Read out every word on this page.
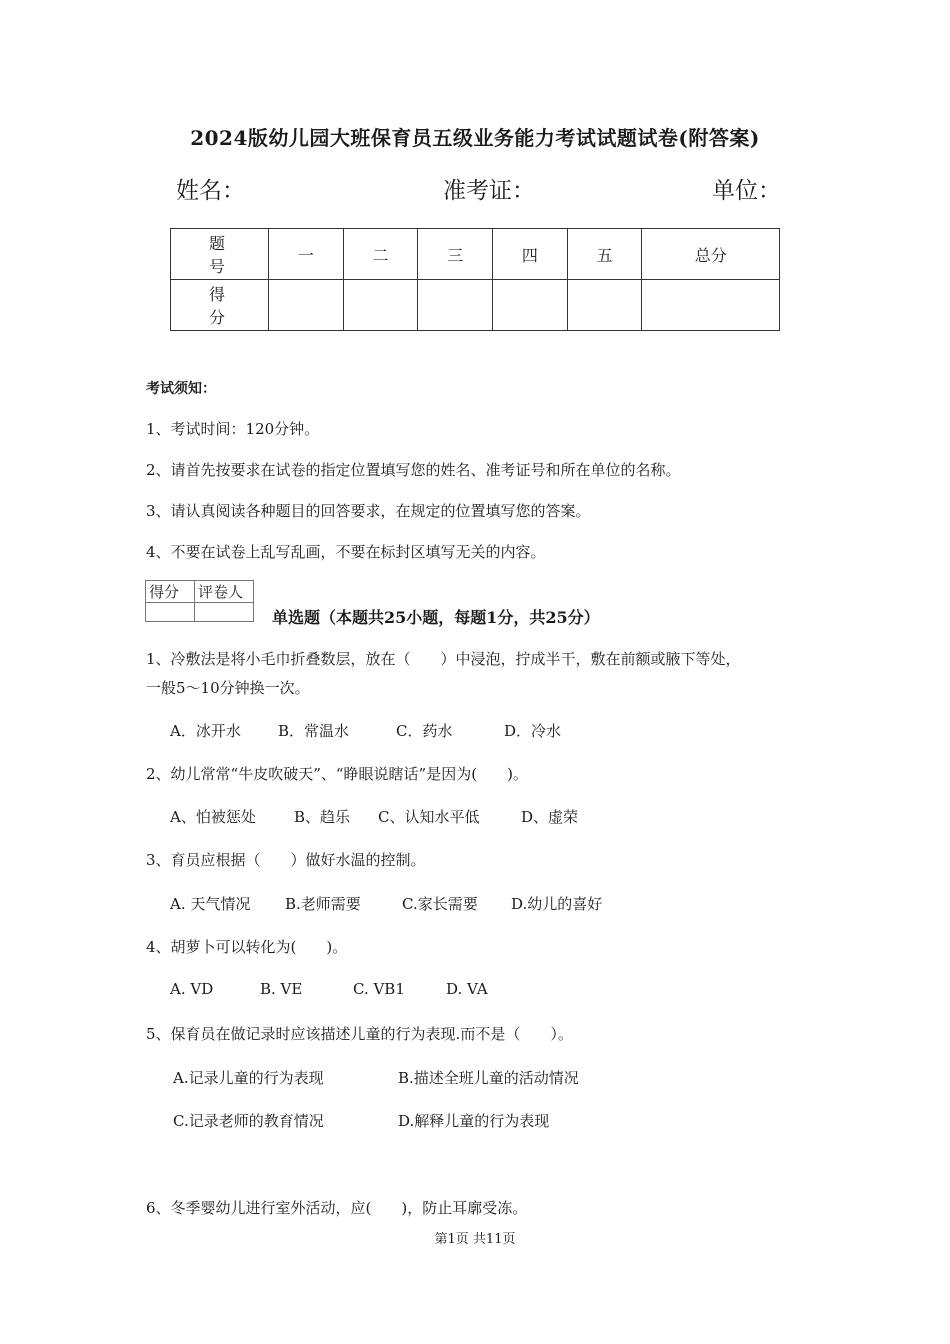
2024版幼儿园大班保育员五级业务能力考试试题试卷(附答案)
姓名：	准考证：	单位：
题　号	一	二	三	四	五	总分
得　分						
考试须知：
1、考试时间：120分钟。
2、请首先按要求在试卷的指定位置填写您的姓名、准考证号和所在单位的名称。
3、请认真阅读各种题目的回答要求，在规定的位置填写您的答案。
4、不要在试卷上乱写乱画，不要在标封区填写无关的内容。
得分	评卷人

单选题（本题共25小题，每题1分，共25分）
1、冷敷法是将小毛巾折叠数层，放在（　　）中浸泡，拧成半干，敷在前额或腋下等处，
一般5～10分钟换一次。
A．冰开水 B．常温水	C．药水	D．冷水
2、幼儿常常“牛皮吹破天”、“睁眼说瞎话”是因为(　　)。
A、怕被惩处	B、趋乐 C、认知水平低	D、虚荣
3、育员应根据（　　）做好水温的控制。
A. 天气情况 B.老师需要	C.家长需要 D.幼儿的喜好
4、胡萝卜可以转化为(　　)。
A. VD	B. VE	C. VB1	D. VA
5、保育员在做记录时应该描述儿童的行为表现.而不是（　　）。
A.记录儿童的行为表现	B.描述全班儿童的活动情况
C.记录老师的教育情况	D.解释儿童的行为表现
6、冬季婴幼儿进行室外活动，应(　　)，防止耳廓受冻。
第1页 共11页
